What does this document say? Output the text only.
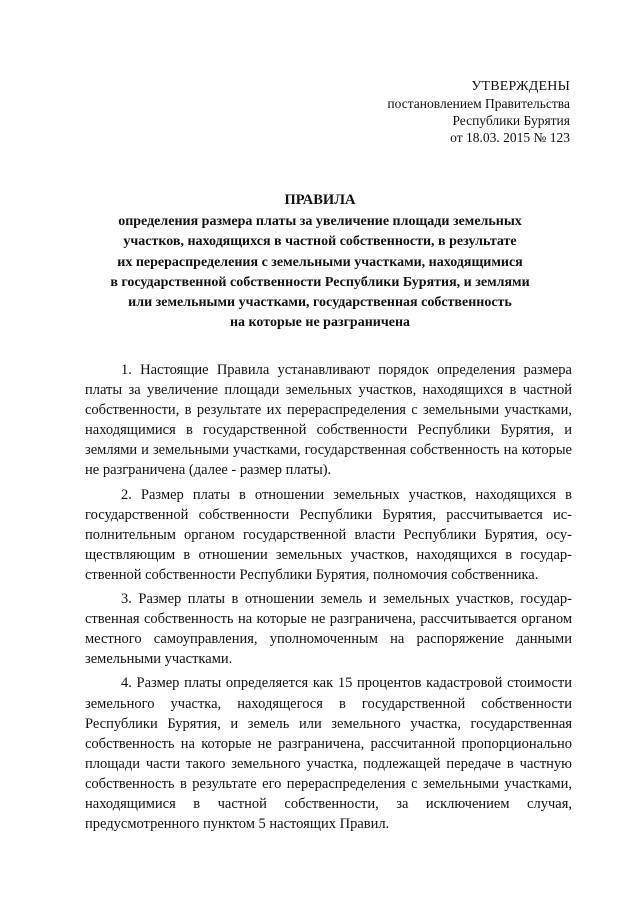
УТВЕРЖДЕНЫ
постановлением Правительства
Республики Бурятия
от 18.03. 2015 № 123
ПРАВИЛА
определения размера платы за увеличение площади земельных
участков, находящихся в частной собственности, в результате
их перераспределения с земельными участками, находящимися
в государственной собственности Республики Бурятия, и землями
или земельными участками, государственная собственность
на которые не разграничена

1. Настоящие Правила устанавливают порядок определения размера платы за увеличение площади земельных участков, находящихся в частной собственности, в результате их перераспределения с земельными участками, находящимися в государственной собственности Республики Бурятия, и землями и земельными участками, государственная собственность на которые не разграничена (далее - размер платы).

2. Размер платы в отношении земельных участков, находящихся в государственной собственности Республики Бурятия, рассчитывается исполнительным органом государственной власти Республики Бурятия, осуществляющим в отношении земельных участков, находящихся в государственной собственности Республики Бурятия, полномочия собственника.

3. Размер платы в отношении земель и земельных участков, государственная собственность на которые не разграничена, рассчитывается органом местного самоуправления, уполномоченным на распоряжение данными земельными участками.

4. Размер платы определяется как 15 процентов кадастровой стоимости земельного участка, находящегося в государственной собственности Республики Бурятия, и земель или земельного участка, государственная собственность на которые не разграничена, рассчитанной пропорционально площади части такого земельного участка, подлежащей передаче в частную собственность в результате его перераспределения с земельными участками, находящимися в частной собственности, за исключением случая, предусмотренного пунктом 5 настоящих Правил.
